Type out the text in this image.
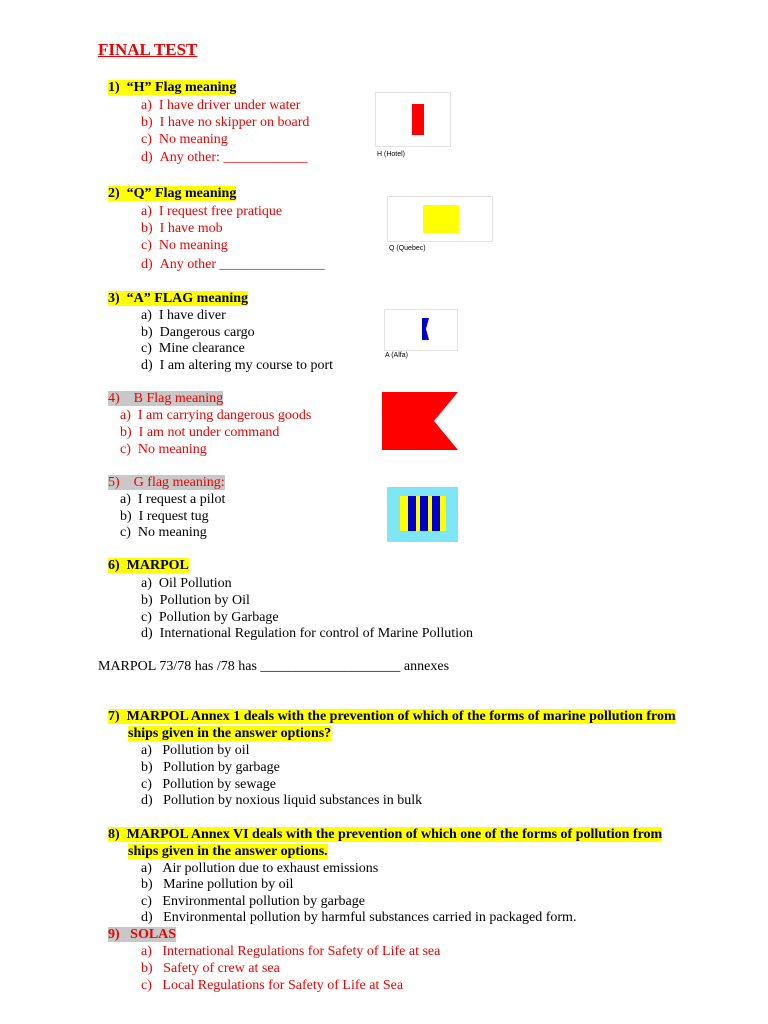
FINAL TEST
1) “H” Flag meaning
a) I have driver under water
b) I have no skipper on board
c) No meaning
d) Any other: ____________	H (Hotel)
2) “Q” Flag meaning
a) I request free pratique
b) I have mob
c) No meaning
d) Any other _______________
Q (Quebec)
3) “A” FLAG meaning
a) I have diver
b) Dangerous cargo
c) Mine clearance
d) I am altering my course to port
A (Alfa)
4) B Flag meaning
a) I am carrying dangerous goods
b) I am not under command
c) No meaning
5) G flag meaning:
a) I request a pilot
b) I request tug
c) No meaning
6) MARPOL
a) Oil Pollution
b) Pollution by Oil
c) Pollution by Garbage
d) International Regulation for control of Marine Pollution
MARPOL 73/78 has /78 has ____________________ annexes
7) MARPOL Annex 1 deals with the prevention of which of the forms of marine pollution from
ships given in the answer options?
a) Pollution by oil
b) Pollution by garbage
c) Pollution by sewage
d) Pollution by noxious liquid substances in bulk
8) MARPOL Annex VI deals with the prevention of which one of the forms of pollution from
ships given in the answer options.
a) Air pollution due to exhaust emissions
b) Marine pollution by oil
c) Environmental pollution by garbage
d) Environmental pollution by harmful substances carried in packaged form.
9) SOLAS
a) International Regulations for Safety of Life at sea
b) Safety of crew at sea
c) Local Regulations for Safety of Life at Sea
